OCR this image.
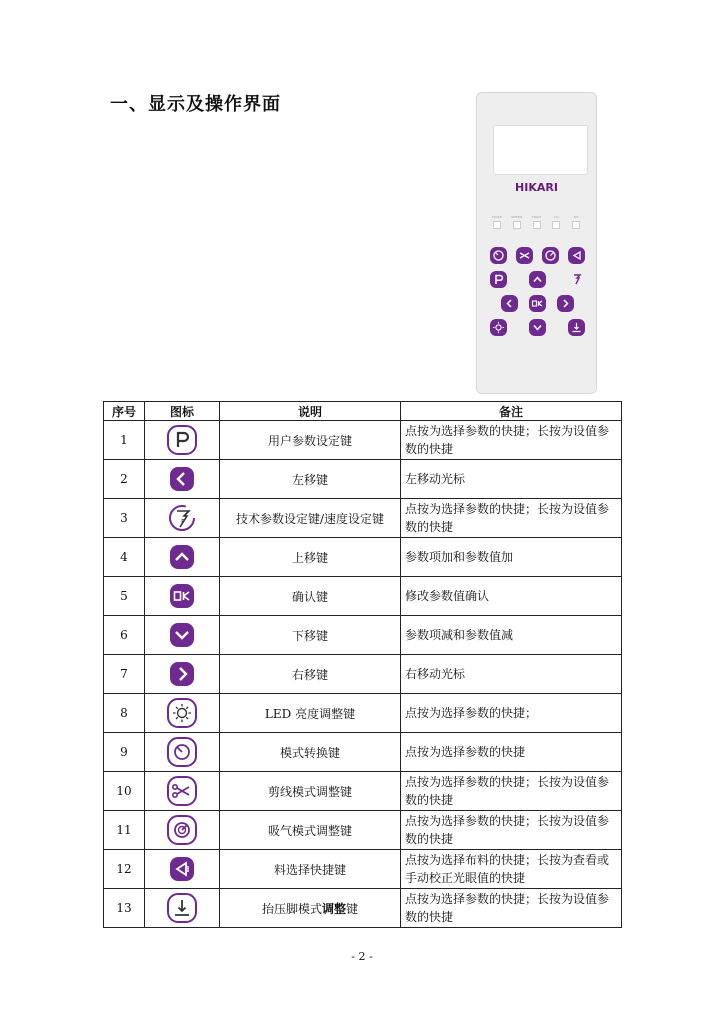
一、显示及操作界面
HIKARI
VOICE	SPEED	HIGH	LO	NE
序号	图标	说明	备注
1		用户参数设定键	点按为选择参数的快捷；长按为设值参数的快捷
2		左移键	左移动光标
3	F	技术参数设定键/速度设定键	点按为选择参数的快捷；长按为设值参数的快捷
4		上移键	参数项加和参数值加
5		确认键	修改参数值确认
6		下移键	参数项减和参数值减
7		右移键	右移动光标
8		LED 亮度调整键	点按为选择参数的快捷；
9		模式转换键	点按为选择参数的快捷
10		剪线模式调整键	点按为选择参数的快捷；长按为设值参数的快捷
11		吸气模式调整键	点按为选择参数的快捷；长按为设值参数的快捷
12		料选择快捷键	点按为选择布料的快捷；长按为查看或手动校正光眼值的快捷
13		抬压脚模式调整键	点按为选择参数的快捷；长按为设值参数的快捷
- 2 -
